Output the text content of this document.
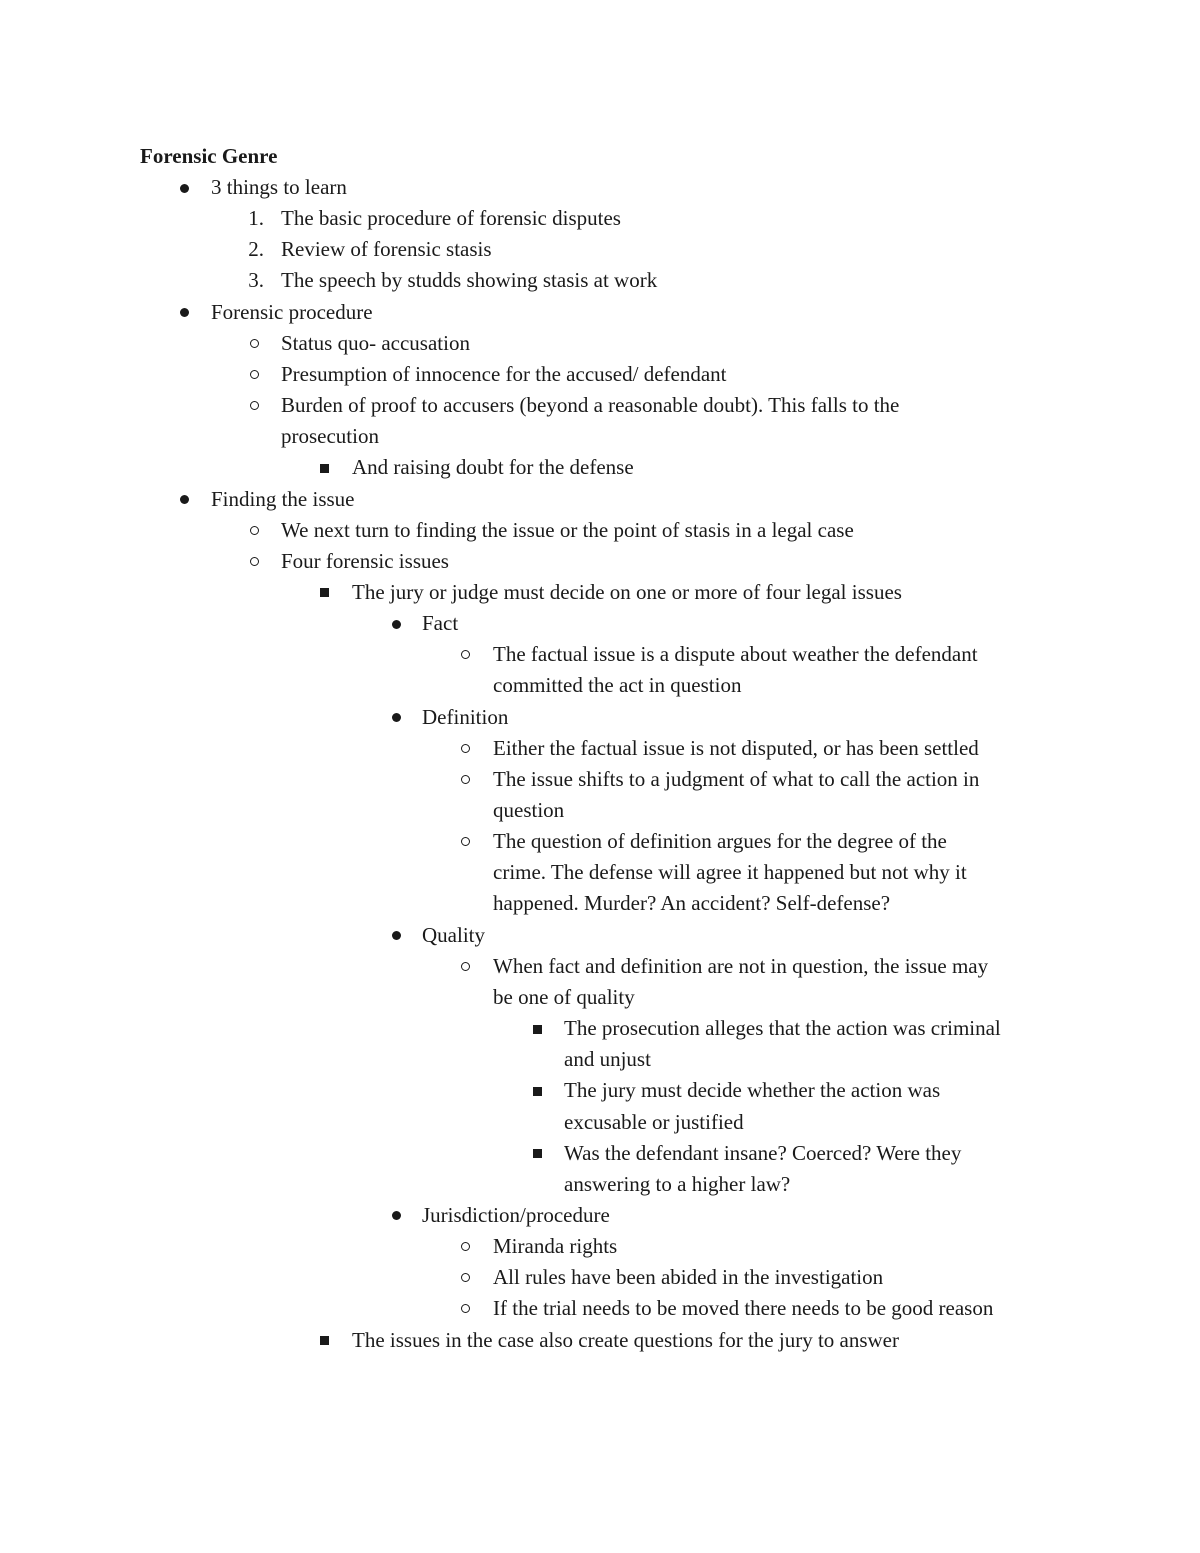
Forensic Genre
3 things to learn
The basic procedure of forensic disputes
1.
Review of forensic stasis
2.
The speech by studds showing stasis at work
3.
Forensic procedure
Status quo- accusation
Presumption of innocence for the accused/ defendant
Burden of proof to accusers (beyond a reasonable doubt). This falls to the
prosecution
And raising doubt for the defense
Finding the issue
We next turn to finding the issue or the point of stasis in a legal case
Four forensic issues
The jury or judge must decide on one or more of four legal issues
Fact
The factual issue is a dispute about weather the defendant
committed the act in question
Definition
Either the factual issue is not disputed, or has been settled
The issue shifts to a judgment of what to call the action in
question
The question of definition argues for the degree of the
crime. The defense will agree it happened but not why it
happened. Murder? An accident? Self-defense?
Quality
When fact and definition are not in question, the issue may
be one of quality
The prosecution alleges that the action was criminal
and unjust
The jury must decide whether the action was
excusable or justified
Was the defendant insane? Coerced? Were they
answering to a higher law?
Jurisdiction/procedure
Miranda rights
All rules have been abided in the investigation
If the trial needs to be moved there needs to be good reason
The issues in the case also create questions for the jury to answer
